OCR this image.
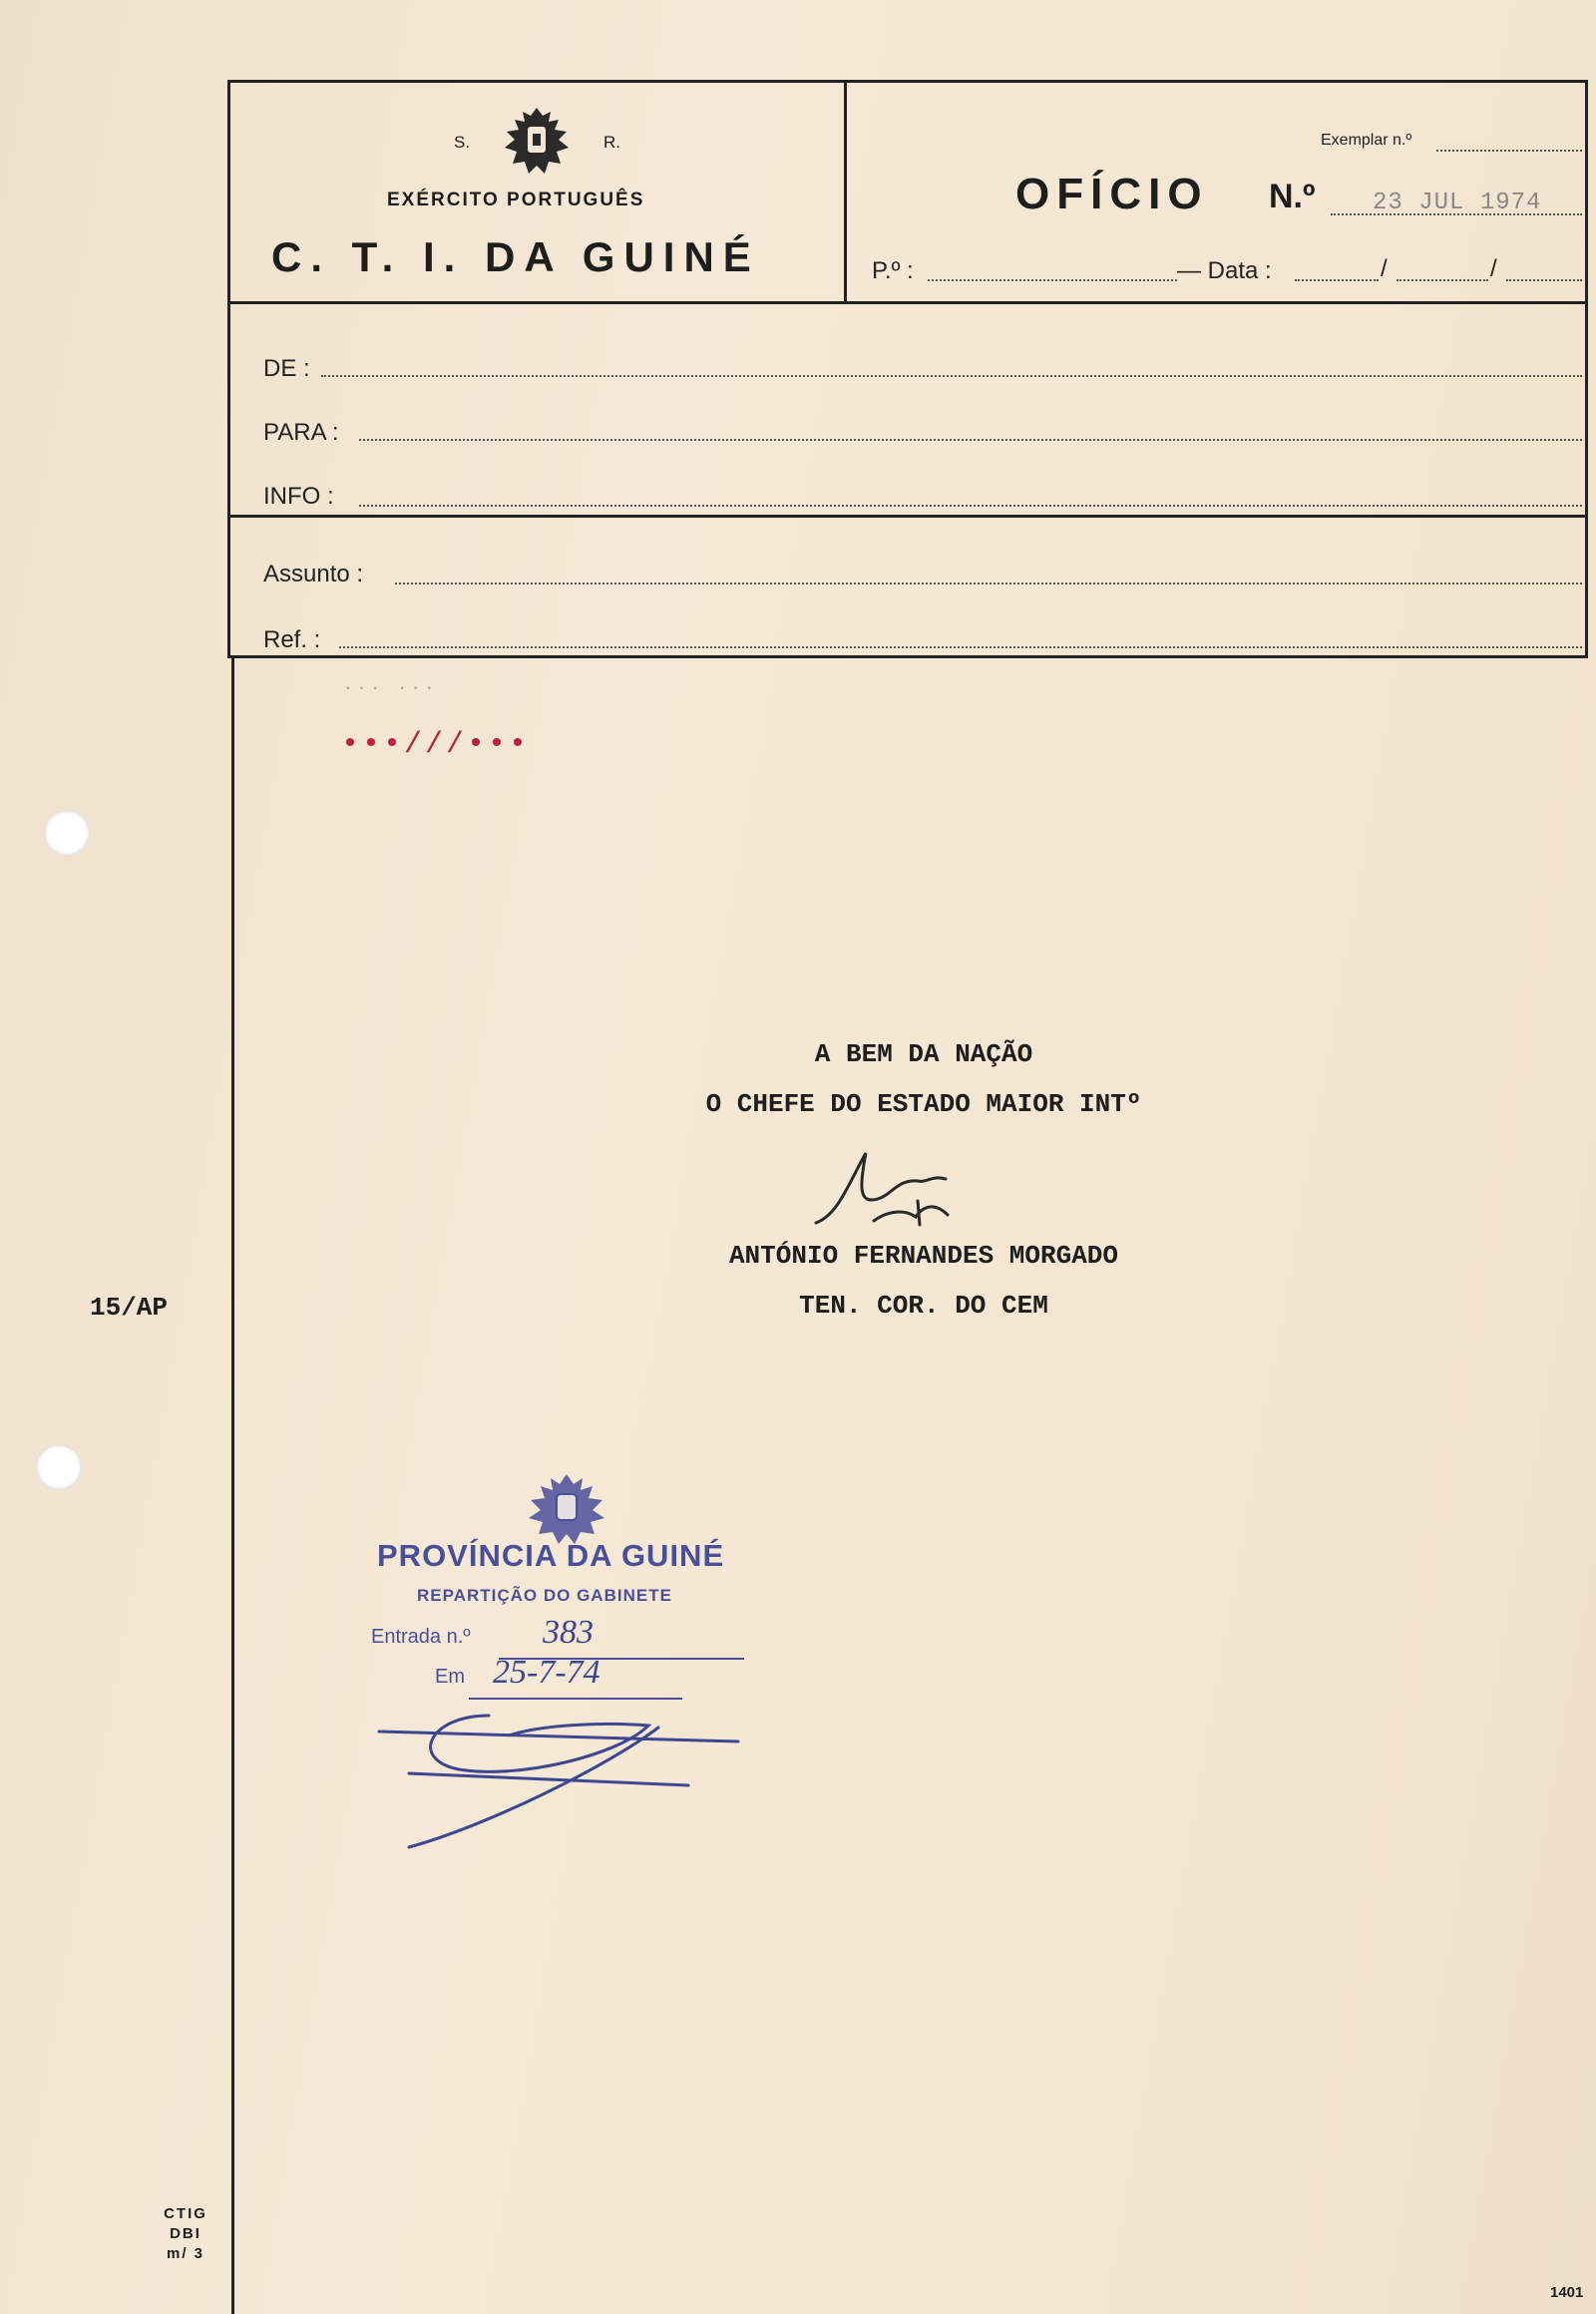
S.	R.
EXÉRCITO PORTUGUÊS
C. T. I. DA GUINÉ
Exemplar n.º
OFÍCIO N.º 23 JUL 1974
P.º :	— Data :	/	/
DE :
PARA :
INFO :
Assunto :
Ref. :
... ...
•••///•••
A BEM DA NAÇÃO
O CHEFE DO ESTADO MAIOR INTº
ANTÓNIO FERNANDES MORGADO
TEN. COR. DO CEM
15/AP
PROVÍNCIA DA GUINÉ
REPARTIÇÃO DO GABINETE
Entrada n.º 383
Em 25-7-74
CTIG
DBI
m/ 3
1401
